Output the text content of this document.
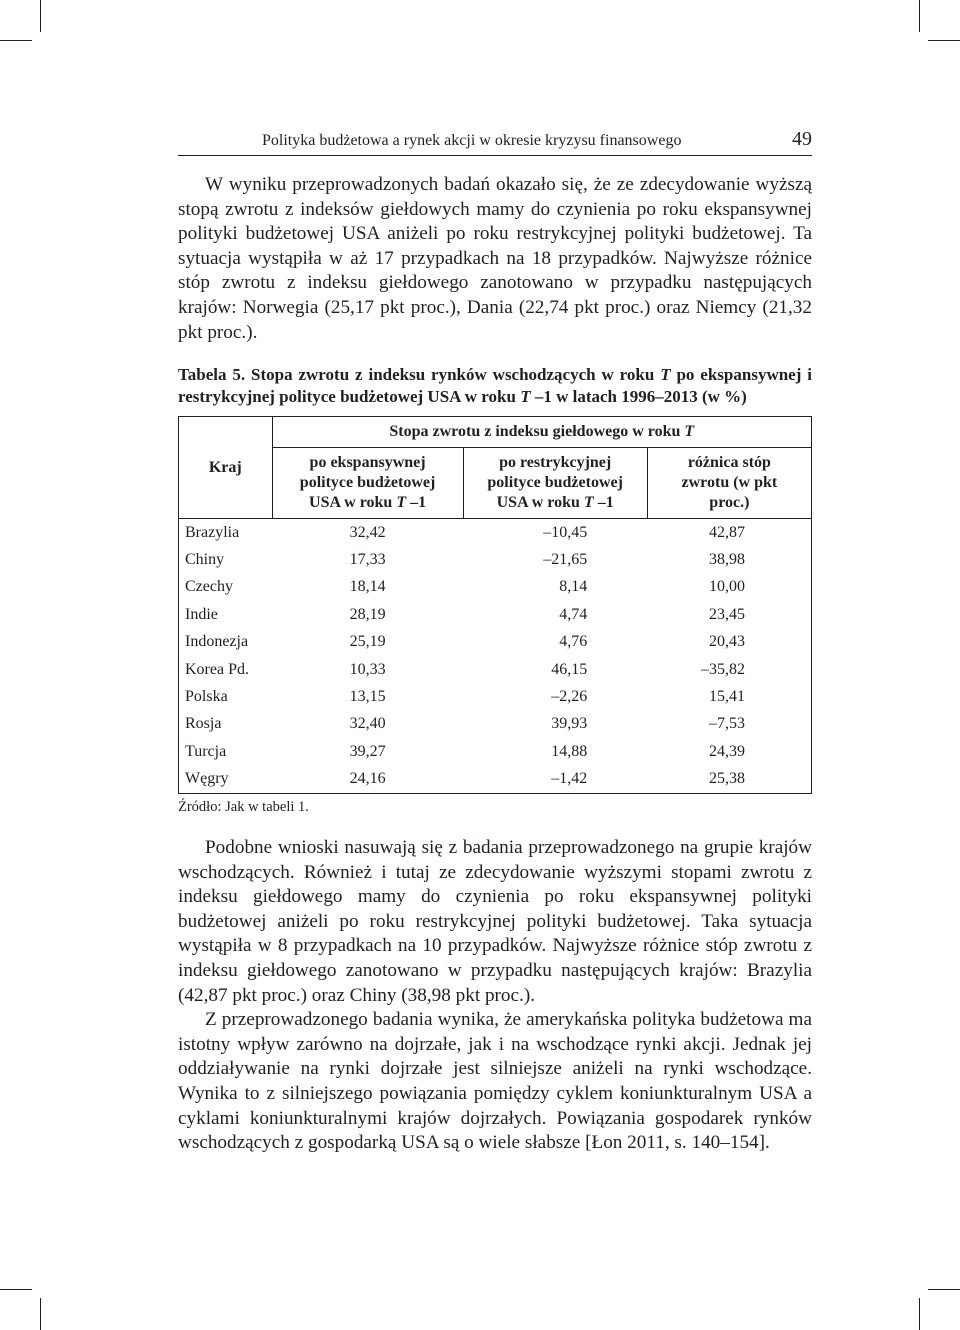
Polityka budżetowa a rynek akcji w okresie kryzysu finansowego	49

W wyniku przeprowadzonych badań okazało się, że ze zdecydowanie wyższą stopą zwrotu z indeksów giełdowych mamy do czynienia po roku ekspansywnej polityki budżetowej USA aniżeli po roku restrykcyjnej polityki budżetowej. Ta sytuacja wystąpiła w aż 17 przypadkach na 18 przypadków. Najwyższe różnice stóp zwrotu z indeksu giełdowego zanotowano w przypadku następujących krajów: Norwegia (25,17 pkt proc.), Dania (22,74 pkt proc.) oraz Niemcy (21,32 pkt proc.).

Tabela 5. Stopa zwrotu z indeksu rynków wschodzących w roku T po ekspansywnej i restrykcyjnej polityce budżetowej USA w roku T –1 w latach 1996–2013 (w %)
Kraj	Stopa zwrotu z indeksu giełdowego w roku T		
	po ekspansywnej polityce budżetowej USA w roku T –1	po restrykcyjnej polityce budżetowej USA w roku T –1	różnica stóp zwrotu (w pkt proc.)
Brazylia	32,42	–10,45	42,87
Chiny	17,33	–21,65	38,98
Czechy	18,14	8,14	10,00
Indie	28,19	4,74	23,45
Indonezja	25,19	4,76	20,43
Korea Pd.	10,33	46,15	–35,82
Polska	13,15	–2,26	15,41
Rosja	32,40	39,93	–7,53
Turcja	39,27	14,88	24,39
Węgry	24,16	–1,42	25,38
Źródło: Jak w tabeli 1.

Podobne wnioski nasuwają się z badania przeprowadzonego na grupie krajów wschodzących. Również i tutaj ze zdecydowanie wyższymi stopami zwrotu z indeksu giełdowego mamy do czynienia po roku ekspansywnej polityki budżetowej aniżeli po roku restrykcyjnej polityki budżetowej. Taka sytuacja wystąpiła w 8 przypadkach na 10 przypadków. Najwyższe różnice stóp zwrotu z indeksu giełdowego zanotowano w przypadku następujących krajów: Brazylia (42,87 pkt proc.) oraz Chiny (38,98 pkt proc.).

Z przeprowadzonego badania wynika, że amerykańska polityka budżetowa ma istotny wpływ zarówno na dojrzałe, jak i na wschodzące rynki akcji. Jednak jej oddziaływanie na rynki dojrzałe jest silniejsze aniżeli na rynki wschodzące. Wynika to z silniejszego powiązania pomiędzy cyklem koniunkturalnym USA a cyklami koniunkturalnymi krajów dojrzałych. Powiązania gospodarek rynków wschodzących z gospodarką USA są o wiele słabsze [Łon 2011, s. 140–154].
